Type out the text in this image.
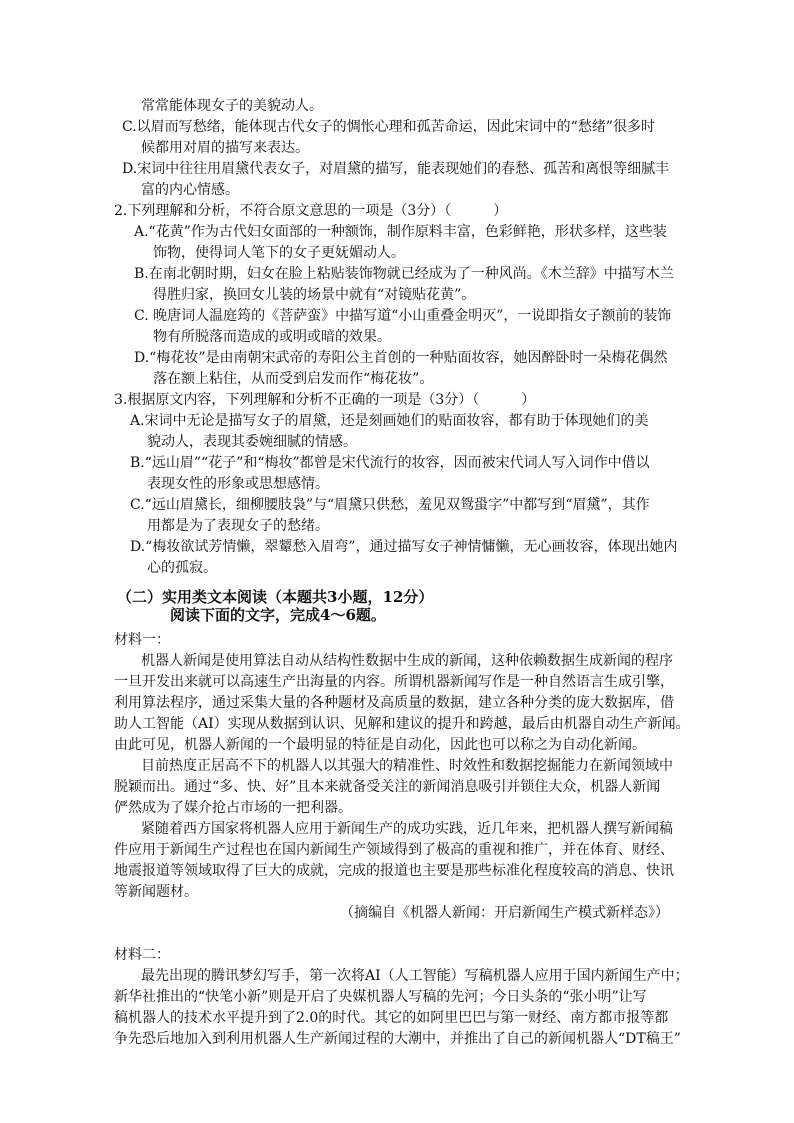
常常能体现女子的美貌动人。
C.以眉而写愁绪，能体现古代女子的惆怅心理和孤苦命运，因此宋词中的“愁绪”很多时
候都用对眉的描写来表达。
D.宋词中往往用眉黛代表女子，对眉黛的描写，能表现她们的春愁、孤苦和离恨等细腻丰
富的内心情感。
2.下列理解和分析，不符合原文意思的一项是（3分）（　　　）
A.“花黄”作为古代妇女面部的一种额饰，制作原料丰富，色彩鲜艳，形状多样，这些装
饰物，使得词人笔下的女子更妩媚动人。
B.在南北朝时期，妇女在脸上粘贴装饰物就已经成为了一种风尚。《木兰辞》中描写木兰
得胜归家，换回女儿装的场景中就有“对镜贴花黄”。
C. 晚唐词人温庭筠的《菩萨蛮》中描写道“小山重叠金明灭”，一说即指女子额前的装饰
物有所脱落而造成的或明或暗的效果。
D.“梅花妆”是由南朝宋武帝的寿阳公主首创的一种贴面妆容，她因醉卧时一朵梅花偶然
落在额上粘住，从而受到启发而作“梅花妆”。
3.根据原文内容，下列理解和分析不正确的一项是（3分）（　　　）
A.宋词中无论是描写女子的眉黛，还是刻画她们的贴面妆容，都有助于体现她们的美
貌动人，表现其委婉细腻的情感。
B.“远山眉”“花子”和“梅妆”都曾是宋代流行的妆容，因而被宋代词人写入词作中借以
表现女性的形象或思想感情。
C.“远山眉黛长，细柳腰肢袅”与“眉黛只供愁，羞见双鸳蛩字”中都写到“眉黛”，其作
用都是为了表现女子的愁绪。
D.“梅妆欲试芳情懒，翠颦愁入眉弯”，通过描写女子神情慵懒，无心画妆容，体现出她内
心的孤寂。
（二）实用类文本阅读（本题共3小题，12分）
阅读下面的文字，完成4～6题。
材料一：
机器人新闻是使用算法自动从结构性数据中生成的新闻，这种依赖数据生成新闻的程序
一旦开发出来就可以高速生产出海量的内容。所谓机器新闻写作是一种自然语言生成引擎，
利用算法程序，通过采集大量的各种题材及高质量的数据，建立各种分类的庞大数据库，借
助人工智能（AI）实现从数据到认识、见解和建议的提升和跨越，最后由机器自动生产新闻。
由此可见，机器人新闻的一个最明显的特征是自动化，因此也可以称之为自动化新闻。
目前热度正居高不下的机器人以其强大的精准性、时效性和数据挖掘能力在新闻领域中
脱颖而出。通过“多、快、好”且本来就备受关注的新闻消息吸引并锁住大众，机器人新闻
俨然成为了媒介抢占市场的一把利器。
紧随着西方国家将机器人应用于新闻生产的成功实践，近几年来，把机器人撰写新闻稿
件应用于新闻生产过程也在国内新闻生产领域得到了极高的重视和推广，并在体育、财经、
地震报道等领域取得了巨大的成就，完成的报道也主要是那些标准化程度较高的消息、快讯
等新闻题材。
（摘编自《机器人新闻：开启新闻生产模式新样态》）
材料二：
最先出现的腾讯梦幻写手，第一次将AI（人工智能）写稿机器人应用于国内新闻生产中；
新华社推出的“快笔小新”则是开启了央媒机器人写稿的先河；今日头条的“张小明”让写
稿机器人的技术水平提升到了2.0的时代。其它的如阿里巴巴与第一财经、南方都市报等都
争先恐后地加入到利用机器人生产新闻过程的大潮中，并推出了自己的新闻机器人“DT稿王”
